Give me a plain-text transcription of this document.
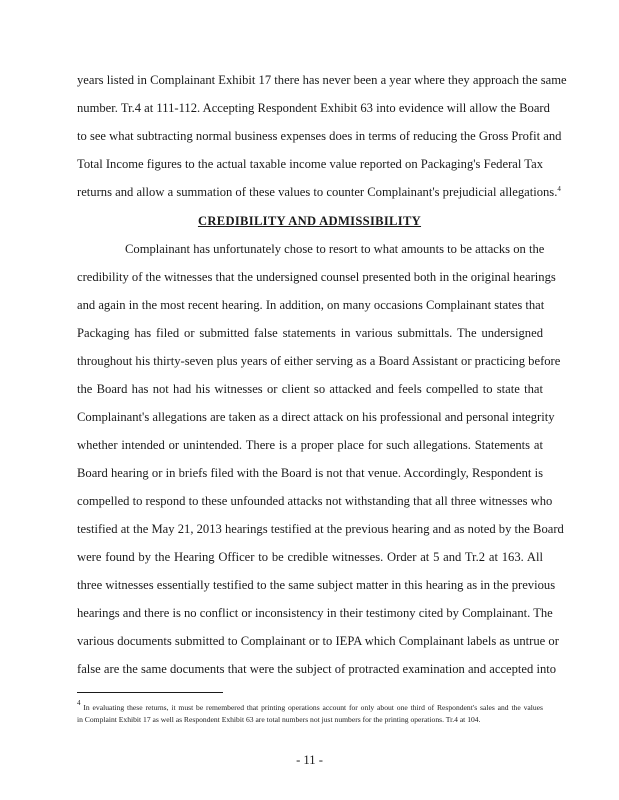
years listed in Complainant Exhibit 17 there has never been a year where they approach the same
number. Tr.4 at 111-112. Accepting Respondent Exhibit 63 into evidence will allow the Board
to see what subtracting normal business expenses does in terms of reducing the Gross Profit and
Total Income figures to the actual taxable income value reported on Packaging's Federal Tax
returns and allow a summation of these values to counter Complainant's prejudicial allegations.$^4$
CREDIBILITY AND ADMISSIBILITY
Complainant has unfortunately chose to resort to what amounts to be attacks on the
credibility of the witnesses that the undersigned counsel presented both in the original hearings
and again in the most recent hearing. In addition, on many occasions Complainant states that
Packaging has filed or submitted false statements in various submittals. The undersigned
throughout his thirty-seven plus years of either serving as a Board Assistant or practicing before
the Board has not had his witnesses or client so attacked and feels compelled to state that
Complainant's allegations are taken as a direct attack on his professional and personal integrity
whether intended or unintended. There is a proper place for such allegations. Statements at
Board hearing or in briefs filed with the Board is not that venue. Accordingly, Respondent is
compelled to respond to these unfounded attacks not withstanding that all three witnesses who
testified at the May 21, 2013 hearings testified at the previous hearing and as noted by the Board
were found by the Hearing Officer to be credible witnesses. Order at 5 and Tr.2 at 163. All
three witnesses essentially testified to the same subject matter in this hearing as in the previous
hearings and there is no conflict or inconsistency in their testimony cited by Complainant. The
various documents submitted to Complainant or to IEPA which Complainant labels as untrue or
false are the same documents that were the subject of protracted examination and accepted into
$^4$ In evaluating these returns, it must be remembered that printing operations account for only about one third of Respondent's sales and the values
in Complaint Exhibit 17 as well as Respondent Exhibit 63 are total numbers not just numbers for the printing operations. Tr.4 at 104.
- 11 -
